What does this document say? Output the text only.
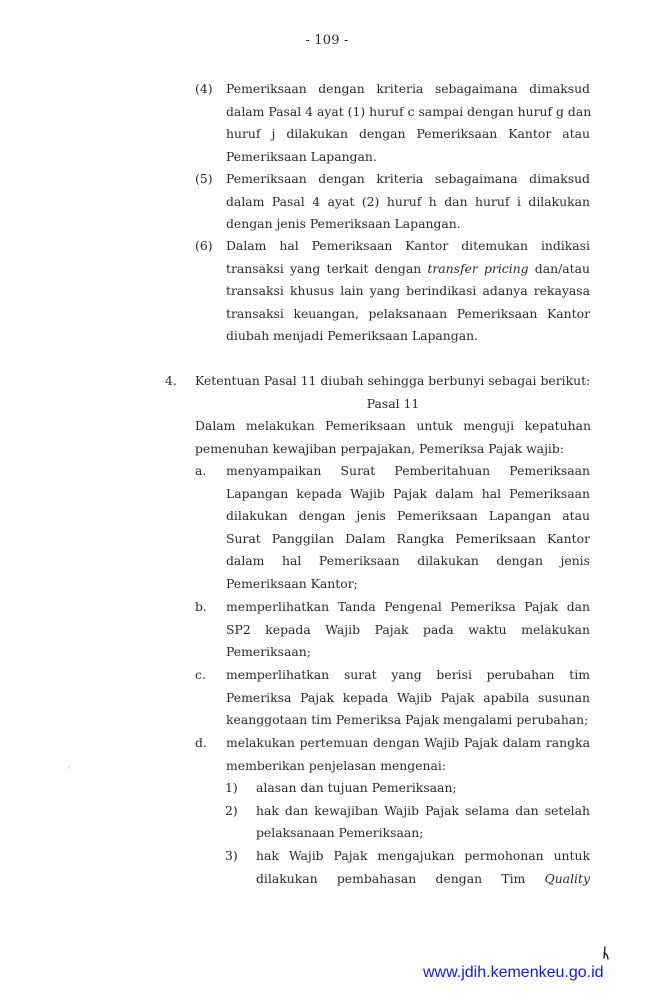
- 109 -
(4) Pemeriksaan dengan kriteria sebagaimana dimaksud
dalam Pasal 4 ayat (1) huruf c sampai dengan huruf g dan
huruf j dilakukan dengan Pemeriksaan Kantor atau
Pemeriksaan Lapangan.
(5) Pemeriksaan dengan kriteria sebagaimana dimaksud
dalam Pasal 4 ayat (2) huruf h dan huruf i dilakukan
dengan jenis Pemeriksaan Lapangan.
(6) Dalam hal Pemeriksaan Kantor ditemukan indikasi
transaksi yang terkait dengan transfer pricing dan/atau
transaksi khusus lain yang berindikasi adanya rekayasa
transaksi keuangan, pelaksanaan Pemeriksaan Kantor
diubah menjadi Pemeriksaan Lapangan.
4. Ketentuan Pasal 11 diubah sehingga berbunyi sebagai berikut:
Pasal 11
Dalam melakukan Pemeriksaan untuk menguji kepatuhan
pemenuhan kewajiban perpajakan, Pemeriksa Pajak wajib:
a. menyampaikan Surat Pemberitahuan Pemeriksaan
Lapangan kepada Wajib Pajak dalam hal Pemeriksaan
dilakukan dengan jenis Pemeriksaan Lapangan atau
Surat Panggilan Dalam Rangka Pemeriksaan Kantor
dalam hal Pemeriksaan dilakukan dengan jenis
Pemeriksaan Kantor;
b. memperlihatkan Tanda Pengenal Pemeriksa Pajak dan
SP2 kepada Wajib Pajak pada waktu melakukan
Pemeriksaan;
c. memperlihatkan surat yang berisi perubahan tim
Pemeriksa Pajak kepada Wajib Pajak apabila susunan
keanggotaan tim Pemeriksa Pajak mengalami perubahan;
d. melakukan pertemuan dengan Wajib Pajak dalam rangka
memberikan penjelasan mengenai:
1) alasan dan tujuan Pemeriksaan;
2) hak dan kewajiban Wajib Pajak selama dan setelah
pelaksanaan Pemeriksaan;
3) hak Wajib Pajak mengajukan permohonan untuk
dilakukan pembahasan dengan Tim Quality
www.jdih.kemenkeu.go.id
